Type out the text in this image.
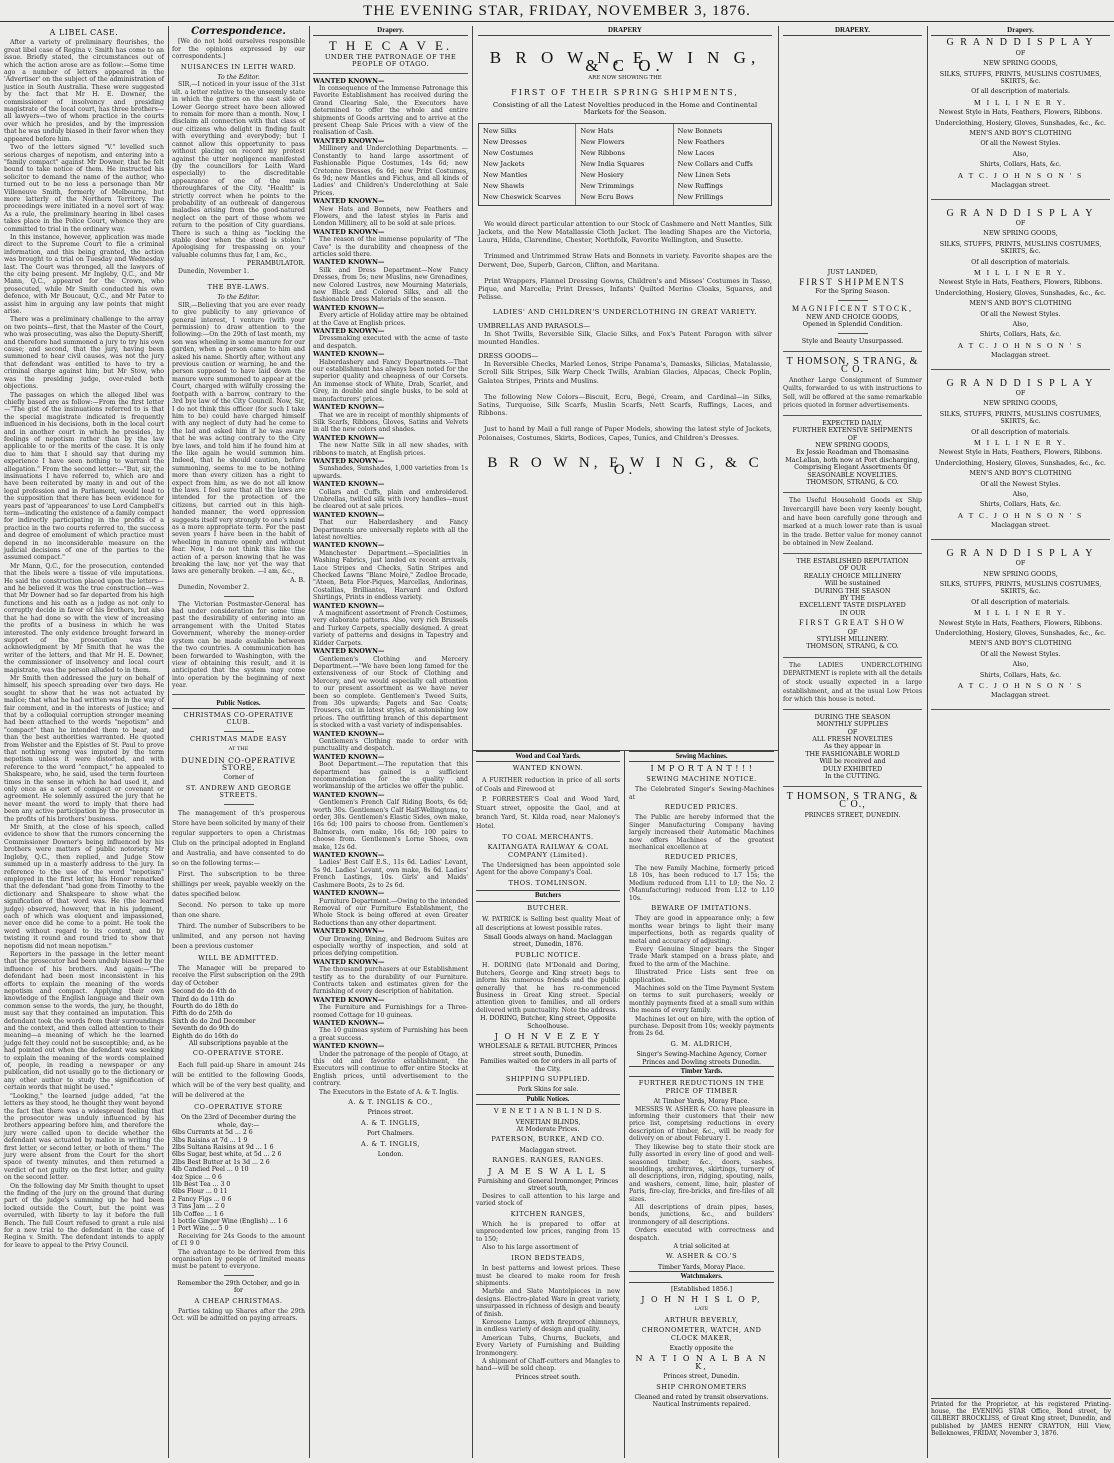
THE EVENING STAR, FRIDAY, NOVEMBER 3, 1876.
A LIBEL CASE.
After a variety of preliminary flourishes, the great libel case of Regina v. Smith has come to an issue. Briefly stated, the circumstances out of which the action arose are as follow:—Some time ago a number of letters appeared in the 'Advertiser' on the subject of the administration of justice in South Australia. These were suggested by the fact that Mr H. E. Downer, the commissioner of insolvency and presiding magistrate of the local court, has three brothers—all lawyers—two of whom practice in the courts over which he presides, and by the impression that he was unduly biased in their favor when they appeared before him.
Two of the letters signed "V." levelled such serious charges of nepotism, and entering into a "family compact" against Mr Downer, that he felt bound to take notice of them. He instructed his solicitor to demand the name of the author, who turned out to be no less a personage than Mr Villeneuve Smith, formerly of Melbourne, but more latterly of the Northern Territory. The proceedings were initiated in a novel sort of way. As a rule, the preliminary hearing in libel cases takes place in the Police Court, whence they are committed to trial in the ordinary way.
In this instance, however, application was made direct to the Supreme Court to file a criminal information, and this being granted, the action was brought to a trial on Tuesday and Wednesday last. The Court was thronged, all the lawyers of the city being present. Mr Ingleby, Q.C., and Mr Mann, Q.C., appeared for the Crown, who prosecuted, while Mr Smith conducted his own defence, with Mr Boucaut, Q.C., and Mr Pater to assist him in arguing any law points that might arise.
There was a preliminary challenge to the array on two points—first, that the Master of the Court, who was prosecuting, was also the Deputy-Sheriff, and therefore had summoned a jury to try his own cause; and second, that the jury, having been summoned to hear civil causes, was not the jury that defendant was entitled to have to try a criminal charge against him; but Mr Stow, who was the presiding judge, over-ruled both objections.
The passages on which the alleged libel was chiefly based are as follow:—From the first letter—"The gist of the insinuations referred to is that the special magistrate indicated is frequently influenced in his decisions, both in the local court and in another court in which he presides, by feelings of nepotism rather than by the law applicable to or the merits of the case. It is only due to him that I should say that during my experience I have seen nothing to warrant the allegation." From the second letter:—"But, sir, the insinuations I have referred to, which are and have been reiterated by many in and out of the legal profession and in Parliament, would lead to the supposition that there has been evidence for years past of 'appearances' to use Lord Campbell's term—indicating the existence of a family compact for indirectly participating in the profits of a practice in the two courts referred to, the success and degree of emolument of which practice must depend in no inconsiderable measure on the judicial decisions of one of the parties to the assumed compact."
Mr Mann, Q.C., for the prosecution, contended that the libels were a tissue of vile imputations. He said the construction placed upon the letters—and he believed it was the true construction—was that Mr Downer had so far departed from his high functions and his oath as a judge as not only to corruptly decide in favor of his brothers, but also that he had done so with the view of increasing the profits of a business in which he was interested. The only evidence brought forward in support of the prosecution was the acknowledgment by Mr Smith that he was the writer of the letters, and that Mr H. E. Downer, the commissioner of insolvency and local court magistrate, was the person alluded to in them.
Mr Smith then addressed the jury on behalf of himself, his speech spreading over two days. He sought to show that he was not actuated by malice; that what he had written was in the way of fair comment, and in the interests of justice; and that by a colloquial corruption stronger meaning had been attached to the words "nepotism" and "compact" than he intended them to bear, and than the best authorities warranted. He quoted from Webster and the Epistles of St. Paul to prove that nothing wrong was imputed by the term nepotism unless it were distorted, and with reference to the word "compact," he appealed to Shakspeare, who, he said, used the term fourteen times in the sense in which he had used it, and only once as a sort of compact or covenant or agreement. He solemnly assured the jury that he never meant the word to imply that there had been any active participation by the prosecutor in the profits of his brothers' business.
Mr Smith, at the close of his speech, called evidence to show that the rumors concerning the Commissioner Downer's being influenced by his brothers were matters of public notoriety. Mr Ingleby, Q.C., then replied, and Judge Stow summed up in a masterly address to the jury. In reference to the use of the word "nepotism" employed in the first letter, his Honor remarked that the defendant "had gone from Timothy to the dictionary and Shakspeare to show what the signification of that word was. He (the learned judge) observed, however, that in his judgment, each of which was eloquent and impassioned, never once did he come to a point. He took the word without regard to its context, and by twisting it round and round tried to show that nepotism did not mean nepotism."
Reporters in the passage in the letter meant that the prosecutor had been unduly biased by the influence of his brothers. And again:—"The defendant had been most inconsistent in his efforts to explain the meaning of the words nepotism and compact. Applying their own knowledge of the English language and their own common sense to the words, the jury, he thought, must say that they contained an imputation. This defendant took the words from their surroundings and the context, and then called attention to their meaning—a meaning of which he the learned judge felt they could not be susceptible; and, as he had pointed out when the defendant was seeking to explain the meaning of the words complained of, people, in reading a newspaper or any publication, did not usually go to the dictionary or any other author to study the signification of certain words that might be used."
"Looking," the learned judge added, "at the letters as they stood, he thought they went beyond the fact that there was a widespread feeling that the prosecutor was unduly influenced by his brothers appearing before him, and therefore the jury were called upon to decide whether the defendant was actuated by malice in writing the first letter, or second letter, or both of them." The jury were absent from the Court for the short space of twenty minutes, and then returned a verdict of not guilty on the first letter, and guilty on the second letter.
On the following day Mr Smith thought to upset the finding of the jury on the ground that during part of the judge's summing up he had been locked outside the Court, but the point was overruled, with liberty to lay it before the full Bench. The full Court refused to grant a rule nisi for a new trial to the defendant in the case of Regina v. Smith. The defendant intends to apply for leave to appeal to the Privy Council.
Correspondence.
[We do not hold ourselves responsible for the opinions expressed by our correspondents.]
NUISANCES IN LEITH WARD.
To the Editor.
SIR,—I noticed in your issue of the 31st ult. a letter relative to the unseemly state in which the gutters on the east side of Lower George street have been allowed to remain for more than a month. Now, I disclaim all connection with that class of our citizens who delight in finding fault with everything and everybody; but I cannot allow this opportunity to pass without placing on record my protest against the utter negligence manifested (by the councillors for Leith Ward especially) to the discreditable appearance of one of the main thoroughfares of the City. "Health" is strictly correct when he points to the probability of an outbreak of dangerous maladies arising from the good-natured neglect on the part of those whom we return to the position of City guardians. There is such a thing as "locking the stable door when the steed is stolen." Apologising for trespassing on your valuable columns thus far, I am, &c.,
PERAMBULATOR.
Dunedin, November 1.
THE BYE-LAWS.
To the Editor.
SIR,—Believing that you are ever ready to give publicity to any grievance of general interest, I venture (with your permission) to draw attention to the following:—On the 29th of last month, my son was wheeling in some manure for our garden, when a person came to him and asked his name. Shortly after, without any previous caution or warning, he and the person supposed to have laid down the manure were summoned to appear at the Court, charged with wilfully crossing the footpath with a barrow, contrary to the 3rd bye law of the City Council. Now, Sir, I do not think this officer (for such I take him to be) could have charged himself with any neglect of duty had he come to the lad and asked him if he was aware that he was acting contrary to the City bye laws, and told him if he found him at the like again he would summon him. Indeed, that he should caution, before summoning, seems to me to be nothing more than every citizen has a right to expect from him, as we do not all know the laws. I feel sure that all the laws are intended for the protection of the citizens, but carried out in this high-handed manner, the word oppression suggests itself very strongly to one's mind as a more appropriate term. For the past seven years I have been in the habit of wheeling in manure openly and without fear. Now, I do not think this like the action of a person knowing that he was breaking the law, nor yet the way that laws are generally broken. —I am, &c.,
A. B.
Dunedin, November 2.
The Victorian Postmaster-General has had under consideration for some time past the desirability of entering into an arrangement with the United States Government, whereby the money-order system can be made available between the two countries. A communication has been forwarded to Washington, with the view of obtaining this result, and it is anticipated that the system may come into operation by the beginning of next year.
Public Notices.
CHRISTMAS CO-OPERATIVE CLUB.
CHRISTMAS MADE EASY
AT THE
DUNEDIN CO-OPERATIVE STORE,
Corner of
ST. ANDREW AND GEORGE STREETS.
The management of th's prosperous Store have been solicited by many of their regular supporters to open a Christmas Club on the principal adopted in England and Australia, and have consented to do so on the following terms:—
First. The subscription to be three shillings per week, payable weekly on the dates specified below.
Second. No person to take up more than one share.
Third. The number of Subscribers to be unlimited, and any person not having been a previous customer
WILL BE ADMITTED.
The Manager will be prepared to receive the First subscription on the 29th day of October
Second do do 4th do
Third do do 11th do
Fourth do do 18th do
Fifth do do 25th do
Sixth do do 2nd December
Seventh do do 9th do
Eighth do do 16th do
All subscriptions payable at the
CO-OPERATIVE STORE.
Each full paid-up Share in amount 24s will be entitled to the following Goods, which will be of the very best quality, and will be delivered at the
CO-OPERATIVE STORE
On the 23rd of December during the whole, day:—
6lbs Currants at 5d ... 2 6
3lbs Raisins at 7d ... 1 9
2lbs Sultana Raisins at 9d ... 1 6
6lbs Sugar, best white, at 5d ... 2 6
2lbs Best Butter at 1s 3d ... 2 6
4lb Candied Peel ... 0 10
4oz Spice ... 0 6
1lb Best Tea ... 3 0
6lbs Flour ... 0 11
2 Fancy Figs ... 0 6
3 Tins Jam ... 2 0
1lb Coffee ... 1 6
1 bottle Ginger Wine (English) ... 1 6
1 Port Wine ... 5 0
Receiving for 24s Goods to the amount of £1 9 0
The advantage to be derived from this organisation by people of limited means must be patent to everyone.
Remember the 29th October, and go in for
A CHEAP CHRISTMAS.
Parties taking up Shares after the 29th Oct. will be admitted on paying arrears.
Drapery.
T H E C A V E.
UNDER THE PATRONAGE OF THE PEOPLE OF OTAGO.
WANTED KNOWN—
In consequence of the Immense Patronage this Favorite Establishment has received during the Grand Clearing Sale, the Executors have determined to offer the whole and entire shipments of Goods arriving and to arrive at the present Cheap Sale Prices with a view of the realisation of Cash.
WANTED KNOWN—
Millinery and Underclothing Departments. —Constantly to hand large assortment of Fashionable Pique Costumes, 14s 6d; new Cretonne Dresses, 6s 6d; new Print Costumes, 6s 9d; new Mantles and Fichus, and all kinds of Ladies' and Children's Underclothing at Sale Prices.
WANTED KNOWN—
New Hats and Bonnets, new Feathers and Flowers, and the latest styles in Paris and London Millinery, all to be sold at sale prices.
WANTED KNOWN—
The reason of the immense popularity of "The Cave" is the durability and cheapness of the articles sold there.
WANTED KNOWN—
Silk and Dress Department—New Fancy Dresses, from 5s; new Muslins, new Grenadines, new Colored Lustres, new Mourning Materials, new Black and Colored Silks, and all the fashionable Dress Materials of the season.
WANTED KNOWN—
Every article of Holiday attire may be obtained at the Cave at English prices.
WANTED KNOWN—
Dressmaking executed with the acme of taste and despatch.
WANTED KNOWN—
Haberdashery and Fancy Departments.—That our establishment has always been noted for the superior quality and cheapness of our Corsets. An immense stock of White, Drab, Scarlet, and Grey, in double and single busks, to be sold at manufacturers' prices.
WANTED KNOWN—
That we are in receipt of monthly shipments of Silk Scarfs, Ribbons, Gloves, Satins and Velvets in all the new colors and shades.
WANTED KNOWN—
The new Natte Silk in all new shades, with ribbons to match, at English prices.
WANTED KNOWN—
Sunshades, Sunshades, 1,000 varieties from 1s upwards.
WANTED KNOWN—
Collars and Cuffs, plain and embroidered. Umbrellas, twilled silk with ivory handles—must be cleared out at sale prices.
WANTED KNOWN—
That our Haberdashery and Fancy Departments are universally replete with all the latest novelties.
WANTED KNOWN—
Manchester Department.—Specialities in Washing Fabrics, just landed ex recent arrivals, Lace Stripes and Checks, Satin Stripes and Checked Lawns "Blanc Moiré," Zedloe Brocade, "Ateen, Beta Flor-Piques, Marcellas, Andorinas, Costallias, Brilliantes, Harvard and Oxford Shirtings, Prints in endless variety.
WANTED KNOWN—
A magnificent assortment of French Costumes, very elaborate patterns. Also, very rich Brussels and Turkey Carpets, specially designed. A great variety of patterns and designs in Tapestry and Kidder Carpets.
WANTED KNOWN—
Gentlemen's Clothing and Mercery Department.—"We have been long famed for the extensiveness of our Stock of Clothing and Mercery, and we would especially call attention to our present assortment as we have never been so complete. Gentlemen's Tweed Suits, from 30s upwards; Pagets and Sac Coats; Trousers, cut in latest styles, at astonishing low prices. The outfitting branch of this department is stocked with a vast variety of indispensables.
WANTED KNOWN—
Gentlemen's Clothing made to order with punctuality and despatch.
WANTED KNOWN—
Boot Department.—The reputation that this department has gained is a sufficient recommendation for the quality and workmanship of the articles we offer the public.
WANTED KNOWN—
Gentlemen's French Calf Riding Boots, 6s 6d; worth 30s. Gentlemen's Calf Half-Wellingtons, to order, 30s. Gentlemen's Elastic Sides, own make, 16s 6d; 100 pairs to choose from. Gentlemen's Balmorals, own make, 16s 6d; 100 pairs to choose from. Gentlemen's Lorne Shoes, own make, 12s 6d.
WANTED KNOWN—
Ladies' Best Calf E.S., 11s 6d. Ladies' Levant, 5s 9d. Ladies' Levant, own make, 8s 6d. Ladies' French Lastings, 10s. Girls' and Maids' Cashmere Boots, 2s to 2s 6d.
WANTED KNOWN—
Furniture Department.—Owing to the intended Removal of our Furniture Establishment, the Whole Stock is being offered at even Greater Reductions than any other department.
WANTED KNOWN—
Our Drawing, Dining, and Bedroom Suites are especially worthy of inspection, and sold at prices defying competition.
WANTED KNOWN—
The thousand purchasers at our Establishment testify as to the durability of our Furniture. Contracts taken and estimates given for the furnishing of every description of habitation.
WANTED KNOWN—
The Furniture and Furnishings for a Three-roomed Cottage for 10 guineas.
WANTED KNOWN—
The 10 guineas system of Furnishing has been a great success.
WANTED KNOWN—
Under the patronage of the people of Otago, at this old and favorite establishment, the Executors will continue to offer entire Stocks at English prices, until advertisement to the contrary.
The Executors in the Estate of A. & T. Inglis.
A. & T. INGLIS & CO.,
Princes street.
A. & T. INGLIS,
Port Chalmers.
A. & T. INGLIS,
London.
DRAPERY
B R O W N, E W I N G, & C O.
ARE NOW SHOWING THE
FIRST OF THEIR SPRING SHIPMENTS,
Consisting of all the Latest Novelties produced in the Home and Continental Markets for the Season.
New Silks
New Dresses
New Costumes
New Jackets
New Mantles
New Shawls
New Cheswick Scarves
New Hats
New Flowers
New Ribbons
New India Squares
New Hosiery
New Trimmings
New Ecru Bows
New Bonnets
New Feathers
New Laces
New Collars and Cuffs
New Linen Sets
New Ruffings
New Frillings
We would direct particular attention to our Stock of Cashmere and Nett Mantles, Silk Jackets, and the New Matallassie Cloth Jacket. The leading Shapes are the Victoria, Laura, Hilda, Clarendine, Chester, Northfolk, Favorite Wellington, and Susette.
Trimmed and Untrimmed Straw Hats and Bonnets in variety. Favorite shapes are the Derwent, Dee, Superb, Garcon, Clifton, and Maritana.
Print Wrappers, Flannel Dressing Gowns, Children's and Misses' Costumes in Tasso, Pique, and Marcella; Print Dresses, Infants' Quilted Merino Cloaks, Squares, and Pelisse.
LADIES' AND CHILDREN'S UNDERCLOTHING IN GREAT VARIETY.
UMBRELLAS AND PARASOLS—
In Shot Twills, Reversible Silk, Glacie Silks, and Fox's Patent Paragon with silver mounted Handles.
DRESS GOODS—
In Reversible Checks, Marled Lenos, Stripe Panama's, Damasks, Silicias, Matalassie, Scroll Silk Stripes, Silk Warp Check Twills, Arabian Glacies, Alpacas, Check Poplin, Galatea Stripes, Prints and Muslins.
The following New Colors—Biscuit, Ecru, Begé, Cream, and Cardinal—in Silks, Satins, Turquoise, Silk Scarfs, Muslin Scarfs, Nett Scarfs, Ruffings, Laces, and Ribbons.
Just to hand by Mail a full range of Paper Models, showing the latest style of Jackets, Polonaises, Costumes, Skirts, Bodices, Capes, Tunics, and Children's Dresses.
B R O W N, E W I N G, & C O.
DRAPERY.
JUST LANDED,
FIRST SHIPMENTS
For the Spring Season.
MAGNIFICENT STOCK,
NEW AND CHOICE GOODS,
Opened in Splendid Condition.
Style and Beauty Unsurpassed.
T HOMSON, S TRANG, & C O.
Another Large Consignment of Summer Quilts, forwarded to us with instructions to Sell, will be offered at the same remarkable prices quoted in former advertisements.
EXPECTED DAILY,
FURTHER EXTENSIVE SHIPMENTS
OF
NEW SPRING GOODS,
Ex Jessie Readman and Thomasina MacLellan, both now at Port discharging, Comprising Elegant Assortments Of
SEASONABLE NOVELTIES.
THOMSON, STRANG, & CO.
The Useful Household Goods ex Ship Invercargill have been very keenly bought, and have been carefully gone through and marked at a much lower rate than is usual in the trade. Better value for money cannot be obtained in New Zealand.
THE ESTABLISHED REPUTATION
OF OUR
REALLY CHOICE MILLINERY
Will be sustained
DURING THE SEASON
BY THE
EXCELLENT TASTE DISPLAYED
IN OUR
FIRST GREAT SHOW
OF
STYLISH MILLINERY.
THOMSON, STRANG, & CO.
The LADIES UNDERCLOTHING DEPARTMENT is replete with all the details of stock usually expected in a large establishment, and at the usual Low Prices for which this house is noted.
DURING THE SEASON
MONTHLY SUPPLIES
OF
ALL FRESH NOVELTIES
As they appear in
THE FASHIONABLE WORLD
Will be received and
DULY EXHIBITED
In the CUTTING.
T HOMSON, S TRANG, & C O.,
PRINCES STREET, DUNEDIN.
Drapery.
G R A N D D I S P L A Y
OF
NEW SPRING GOODS,
SILKS, STUFFS, PRINTS, MUSLINS COSTUMES, SKIRTS, &c.
Of all description of materials.
M I L L I N E R Y.
Newest Style in Hats, Feathers, Flowers, Ribbons.
Underclothing, Hosiery, Gloves, Sunshades, &c., &c.
MEN'S AND BOY'S CLOTHING
Of all the Newest Styles.
Also,
Shirts, Collars, Hats, &c.
A T C. J O H N S O N ' S
Maclaggan street.
G R A N D D I S P L A Y
OF
NEW SPRING GOODS,
SILKS, STUFFS, PRINTS, MUSLINS COSTUMES, SKIRTS, &c.
Of all description of materials.
M I L L I N E R Y.
Newest Style in Hats, Feathers, Flowers, Ribbons.
Underclothing, Hosiery, Gloves, Sunshades, &c., &c.
MEN'S AND BOY'S CLOTHING
Of all the Newest Styles.
Also,
Shirts, Collars, Hats, &c.
A T C. J O H N S O N ' S
Maclaggan street.
G R A N D D I S P L A Y
OF
NEW SPRING GOODS,
SILKS, STUFFS, PRINTS, MUSLINS COSTUMES, SKIRTS, &c.
Of all description of materials.
M I L L I N E R Y.
Newest Style in Hats, Feathers, Flowers, Ribbons.
Underclothing, Hosiery, Gloves, Sunshades, &c., &c.
MEN'S AND BOY'S CLOTHING
Of all the Newest Styles.
Also,
Shirts, Collars, Hats, &c.
A T C. J O H N S O N ' S
Maclaggan street.
G R A N D D I S P L A Y
OF
NEW SPRING GOODS,
SILKS, STUFFS, PRINTS, MUSLINS COSTUMES, SKIRTS, &c.
Of all description of materials.
M I L L I N E R Y.
Newest Style in Hats, Feathers, Flowers, Ribbons.
Underclothing, Hosiery, Gloves, Sunshades, &c., &c.
MEN'S AND BOY'S CLOTHING
Of all the Newest Styles.
Also,
Shirts, Collars, Hats, &c.
A T C. J O H N S O N ' S
Maclaggan street.
Wood and Coal Yards.
WANTED KNOWN.
A FURTHER reduction in price of all sorts of Coals and Firewood at
P. FORRESTER'S Coal and Wood Yard, Stuart street, opposite the Gaol, and at branch Yard, St. Kilda road, near Maloney's Hotel.
TO COAL MERCHANTS.
KAITANGATA RAILWAY & COAL COMPANY (Limited).
The Undersigned has been appointed sole Agent for the above Company's Coal.
THOS. TOMLINSON.
Butchers
BUTCHER.
W. PATRICK is Selling best quality Meat of all descriptions at lowest possible rates.
Small Goods always on hand. Maclaggan street, Dunedin, 1876.
PUBLIC NOTICE.
H. DORING (late M'Donald and Doring, Butchers, George and King street) begs to inform his numerous friends and the public generally that he has re-commenced Business in Great King street. Special attention given to families, and all orders delivered with punctuality. Note the address.
H. DORING, Butcher, King street, Opposite Schoolhouse.
J O H N V E Z E Y
WHOLESALE & RETAIL BUTCHER, Princes street south, Dunedin.
Families waited on for orders in all parts of the City.
SHIPPING SUPPLIED.
Pork Skins for sale.
Public Notices.
V E N E T I A N B L I N D S.
VENETIAN BLINDS,
At Moderate Prices.
PATERSON, BURKE, AND CO.
Maclaggan street.
RANGES. RANGES, RANGES.
J A M E S W A L L S
Furnishing and General Ironmonger, Princes street south,
Desires to call attention to his large and varied stock of
KITCHEN RANGES,
Which he is prepared to offer at unprecedented low prices, ranging from 15 to 150;
Also to his large assortment of
IRON BEDSTEADS,
In best patterns and lowest prices. These must be cleared to make room for fresh shipments.
Marble and Slate Mantelpieces in new designs. Electro-plated Ware in great variety, unsurpassed in richness of design and beauty of finish.
Kerosene Lamps, with fireproof chimneys, in endless variety of design and quality.
American Tubs, Churns, Buckets, and Every Variety of Furnishing and Building Ironmongery.
A shipment of Chaff-cutters and Mangles to hand—will be sold cheap.
Princes street south.
Sewing Machines.
I M P O R T A N T ! ! !
SEWING MACHINE NOTICE.
The Celebrated Singer's Sewing-Machines at
REDUCED PRICES.
The Public are hereby informed that the Singer Manufacturing Company having largely increased their Automatic Machines now offers Machines of the greatest mechanical excellence at
REDUCED PRICES,
The new Family Machine, formerly priced L8 10s, has been reduced to L7 15s; the Medium reduced from L11 to L9; the No. 2 (Manufacturing) reduced from L12 to L10 10s.
BEWARE OF IMITATIONS.
They are good in appearance only; a few months wear brings to light their many imperfections, both as regards quality of metal and accuracy of adjusting.
Every Genuine Singer bears the Singer Trade Mark stamped on a brass plate, and fixed to the arm of the Machine.
Illustrated Price Lists sent free on application.
Machines sold on the Time Payment System on terms to suit purchasers; weekly or monthly payments fixed at a small sum within the means of every family.
Machines let out on hire, with the option of purchase. Deposit from 10s; weekly payments from 2s 6d.
G. M. ALDRICH,
Singer's Sewing-Machine Agency, Corner Princes and Dowling streets Dunedin.
Timber Yards.
FURTHER REDUCTIONS IN THE PRICE OF TIMBER
At Timber Yards, Moray Place.
MESSRS W. ASHER & CO. have pleasure in informing their customers that their new price list, comprising reductions in every description of timber, &c., will be ready for delivery on or about February 1.
They likewise beg to state their stock are fully assorted in every line of good and well-seasoned timber, &c., doors, sashes, mouldings, architraves, skirtings, turnery of all descriptions, iron, ridging, spouting, nails, and washers, cement, lime, hair, plaster of Paris, fire-clay, fire-bricks, and fire-tiles of all sizes.
All descriptions of drain pipes, bases, bends, junctions, &c., and builders' ironmongery of all descriptions.
Orders executed with correctness and despatch.
A trial solicited at
W. ASHER & CO.'S
Timber Yards, Moray Place.
Watchmakers.
[Established 1856.]
J O H N H I S L O P,
LATE
ARTHUR BEVERLY,
CHRONOMETER, WATCH, AND CLOCK MAKER,
Exactly opposite the
N A T I O N A L B A N K,
Princes street, Dunedin.
SHIP CHRONOMETERS
Cleaned and rated by transit observations. Nautical Instruments repaired.	Printed for the Proprietor, at his registered Printing-house, the EVENING STAR Office, Bond street, by GILBERT BROCKLISS, of Great King street, Dunedin, and published by JAMES HENRY CRAYTON, Hill View, Belleknowes, FRIDAY, November 3, 1876.
